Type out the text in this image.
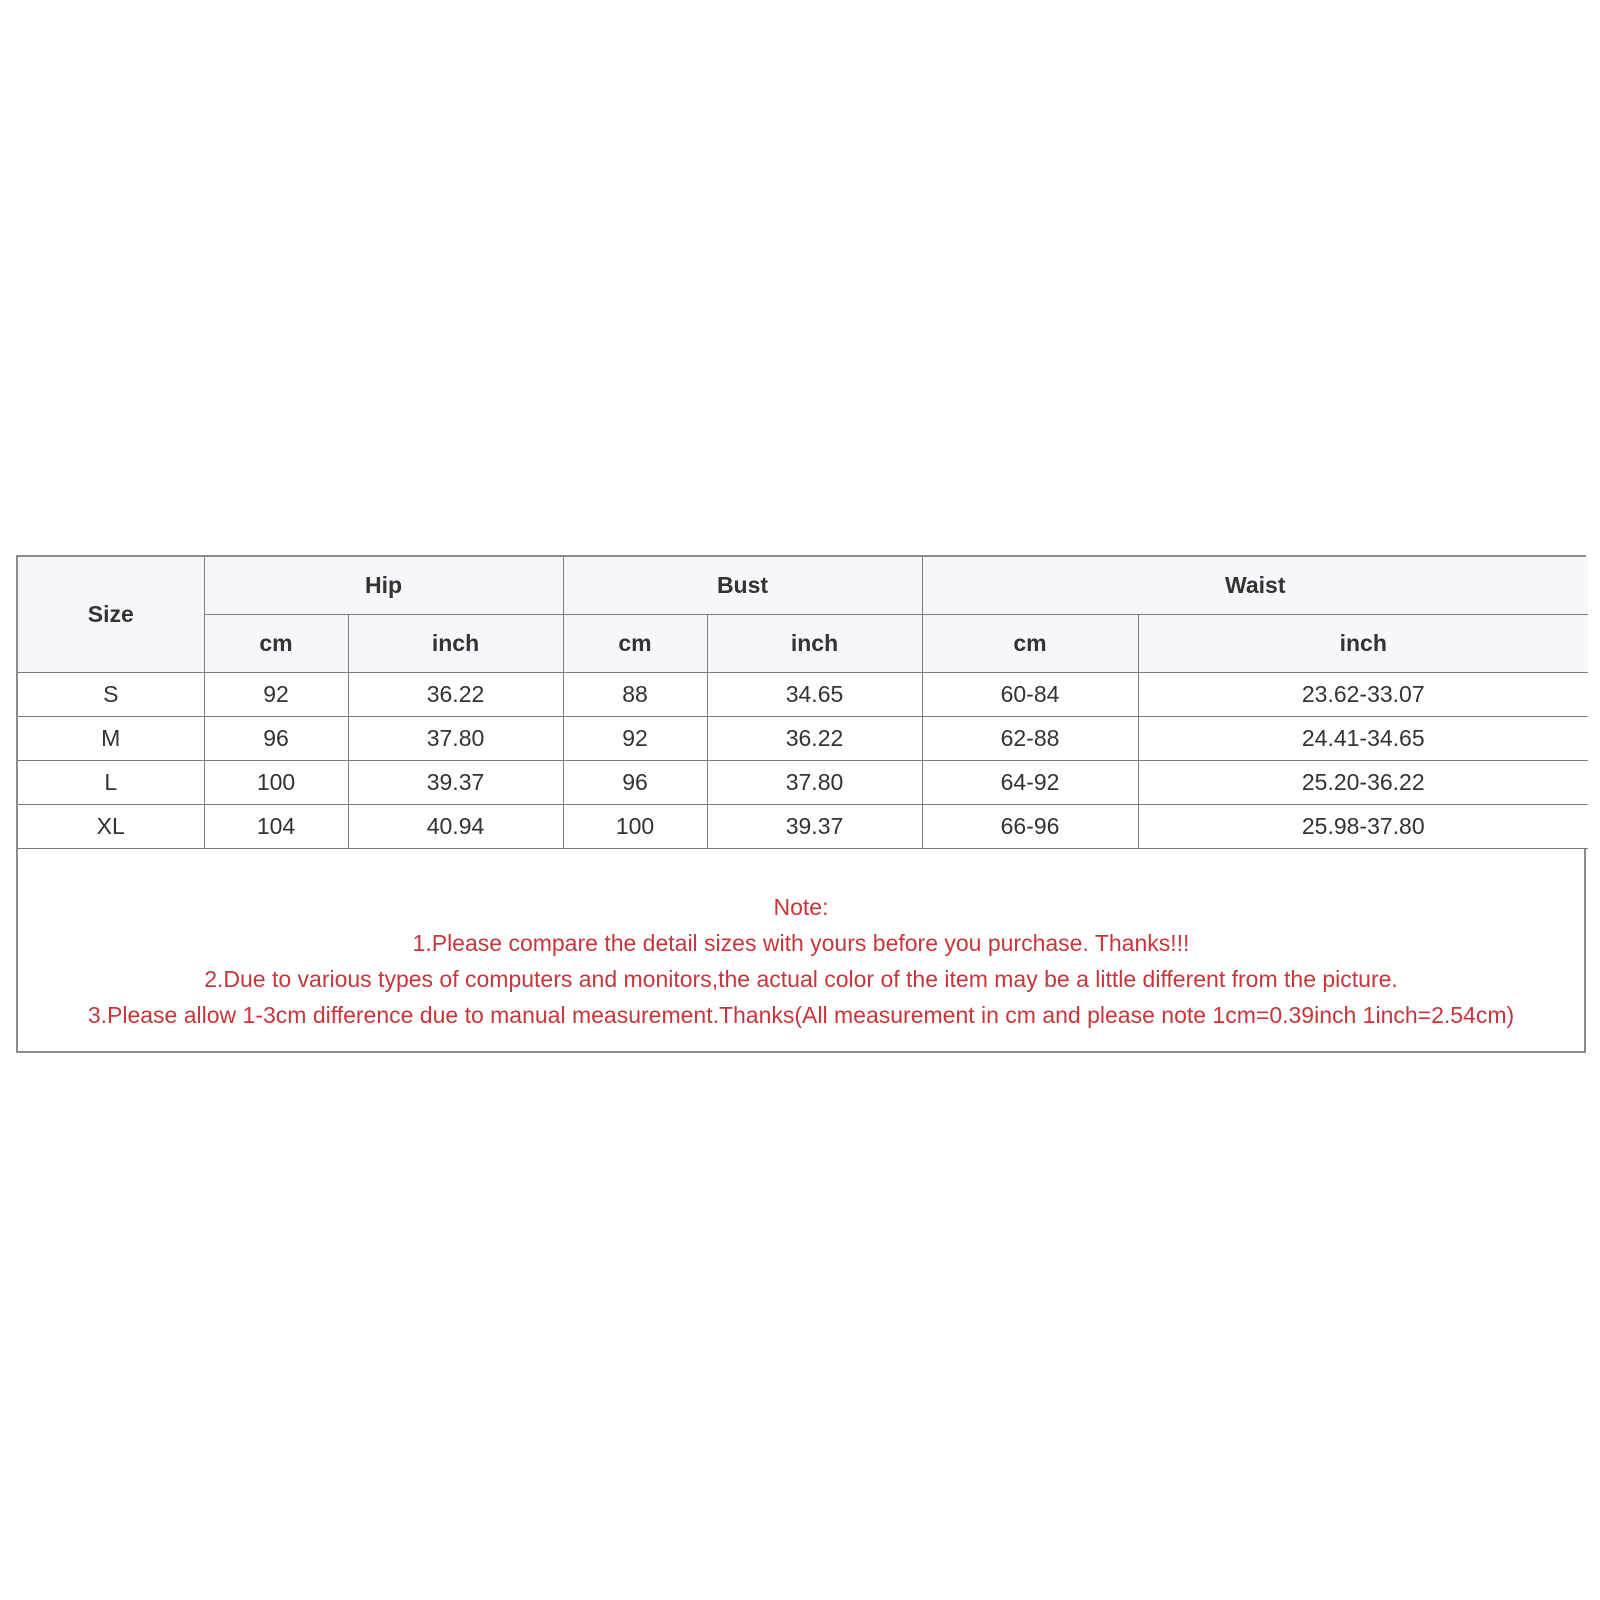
Size	Hip		Bust		Waist	
	cm	inch	cm	inch	cm	inch
S	92	36.22	88	34.65	60-84	23.62-33.07
M	96	37.80	92	36.22	62-88	24.41-34.65
L	100	39.37	96	37.80	64-92	25.20-36.22
XL	104	40.94	100	39.37	66-96	25.98-37.80
Note:
1.Please compare the detail sizes with yours before you purchase. Thanks!!!
2.Due to various types of computers and monitors,the actual color of the item may be a little different from the picture.
3.Please allow 1-3cm difference due to manual measurement.Thanks(All measurement in cm and please note 1cm=0.39inch 1inch=2.54cm)
